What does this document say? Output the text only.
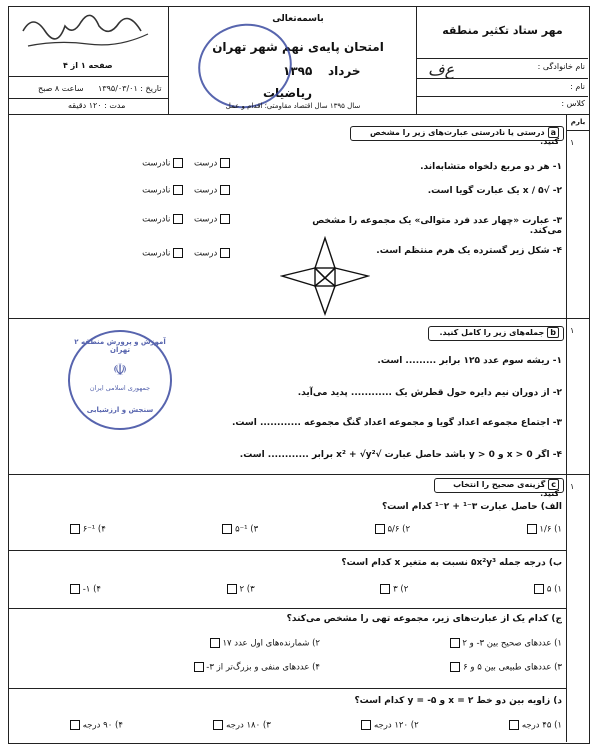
باسمه‌تعالی
امتحان پایه‌ی نهم شهر تهران
خرداد
۱۳۹۵
ریاضیات
مهر ستاد تکثیر منطقه
نام خانوادگی :
ع‌ف
نام :
کلاس :
صفحه ۱ از ۴
تاریخ : ۱۳۹۵/۰۳/۰۱
ساعت ۸ صبح
مدت : ۱۲۰ دقیقه	سال ۱۳۹۵ سال اقتصاد مقاومتی؛ اقدام و عمل
بارم
۱
aدرستی یا نادرستی عبارت‌های زیر را مشخص کنید.
۱- هر دو مربع دلخواه متشابه‌اند.
۲- √x / ۵ یک عبارت گویا است.
۳- عبارت «چهار عدد فرد متوالی» یک مجموعه را مشخص می‌کند.
۴- شکل زیر گسترده یک هرم منتظم است.
درست     نادرست
درست     نادرست
درست     نادرست
درست     نادرست
۱
bجمله‌های زیر را کامل کنید.
آموزش و پرورش منطقه ۲ تهران
☫
جمهوری اسلامی ایران
سنجش و ارزشیابی
۱- ریشه سوم عدد ۱۲۵ برابر ......... است.
۲- از دوران نیم دایره حول قطرش یک ............ پدید می‌آید.
۳- اجتماع مجموعه اعداد گویا و مجموعه اعداد گنگ مجموعه ............ است.
۴- اگر x > 0 و y > 0 باشد حاصل عبارت √x² + √y² برابر ............ است.
۱
cگزینه‌ی صحیح را انتخاب کنید.
الف) حاصل عبارت ۳⁻¹ + ۲⁻¹ کدام است؟
۱) ۱/۶
۲) ۵/۶
۳) ۵⁻¹
۴) ۶⁻¹
ب) درجه جمله ۵x²y³ نسبت به متغیر x کدام است؟
۱) ۵
۲) ۳
۳) ۲
۴) ۱-
ج) کدام یک از عبارت‌های زیر، مجموعه تهی را مشخص می‌کند؟
۱) عددهای صحیح بین ۳- و ۲
۲) شمارنده‌های اول عدد ۱۷
۳) عددهای طبیعی بین ۵ و ۶
۴) عددهای منفی و بزرگ‌تر از ۳-
د) زاویه بین دو خط x = ۲ و y = -۵ کدام است؟
۱) ۴۵ درجه
۲) ۱۲۰ درجه
۳) ۱۸۰ درجه
۴) ۹۰ درجه
